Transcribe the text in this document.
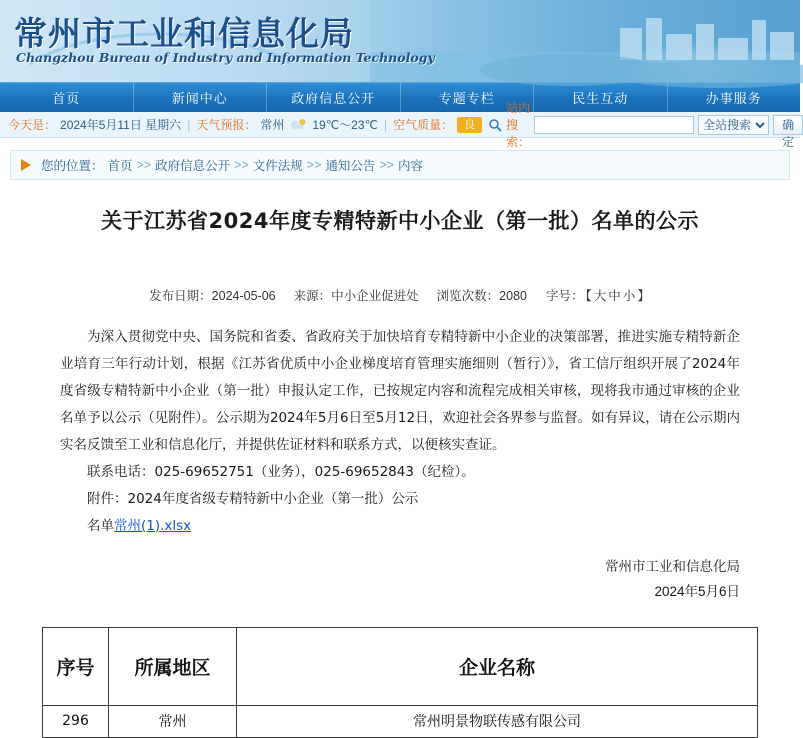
常州市工业和信息化局
Changzhou Bureau of Industry and Information Technology
首页	新闻中心	政府信息公开	专题专栏	民生互动	办事服务
今天是： 2024年5月11日 星期六 | 天气预报： 常州 19℃～23℃ | 空气质量：	良
站内搜索：
全站搜索
确定
您的位置： 首页 >> 政府信息公开 >> 文件法规 >> 通知公告 >> 内容
关于江苏省2024年度专精特新中小企业（第一批）名单的公示
发布日期：2024-05-06 来源：中小企业促进处 浏览次数：2080 字号： 【 大 中 小 】

为深入贯彻党中央、国务院和省委、省政府关于加快培育专精特新中小企业的决策部署，推进实施专精特新企业培育三年行动计划，根据《江苏省优质中小企业梯度培育管理实施细则（暂行）》，省工信厅组织开展了2024年度省级专精特新中小企业（第一批）申报认定工作，已按规定内容和流程完成相关审核，现将我市通过审核的企业名单予以公示（见附件）。公示期为2024年5月6日至5月12日，欢迎社会各界参与监督。如有异议，请在公示期内实名反馈至工业和信息化厅，并提供佐证材料和联系方式，以便核实查证。

联系电话：025-69652751（业务），025-69652843（纪检）。

附件：2024年度省级专精特新中小企业（第一批）公示

名单常州(1).xlsx

常州市工业和信息化局
2024年5月6日
序号	所属地区	企业名称
296	常州	常州明景物联传感有限公司
